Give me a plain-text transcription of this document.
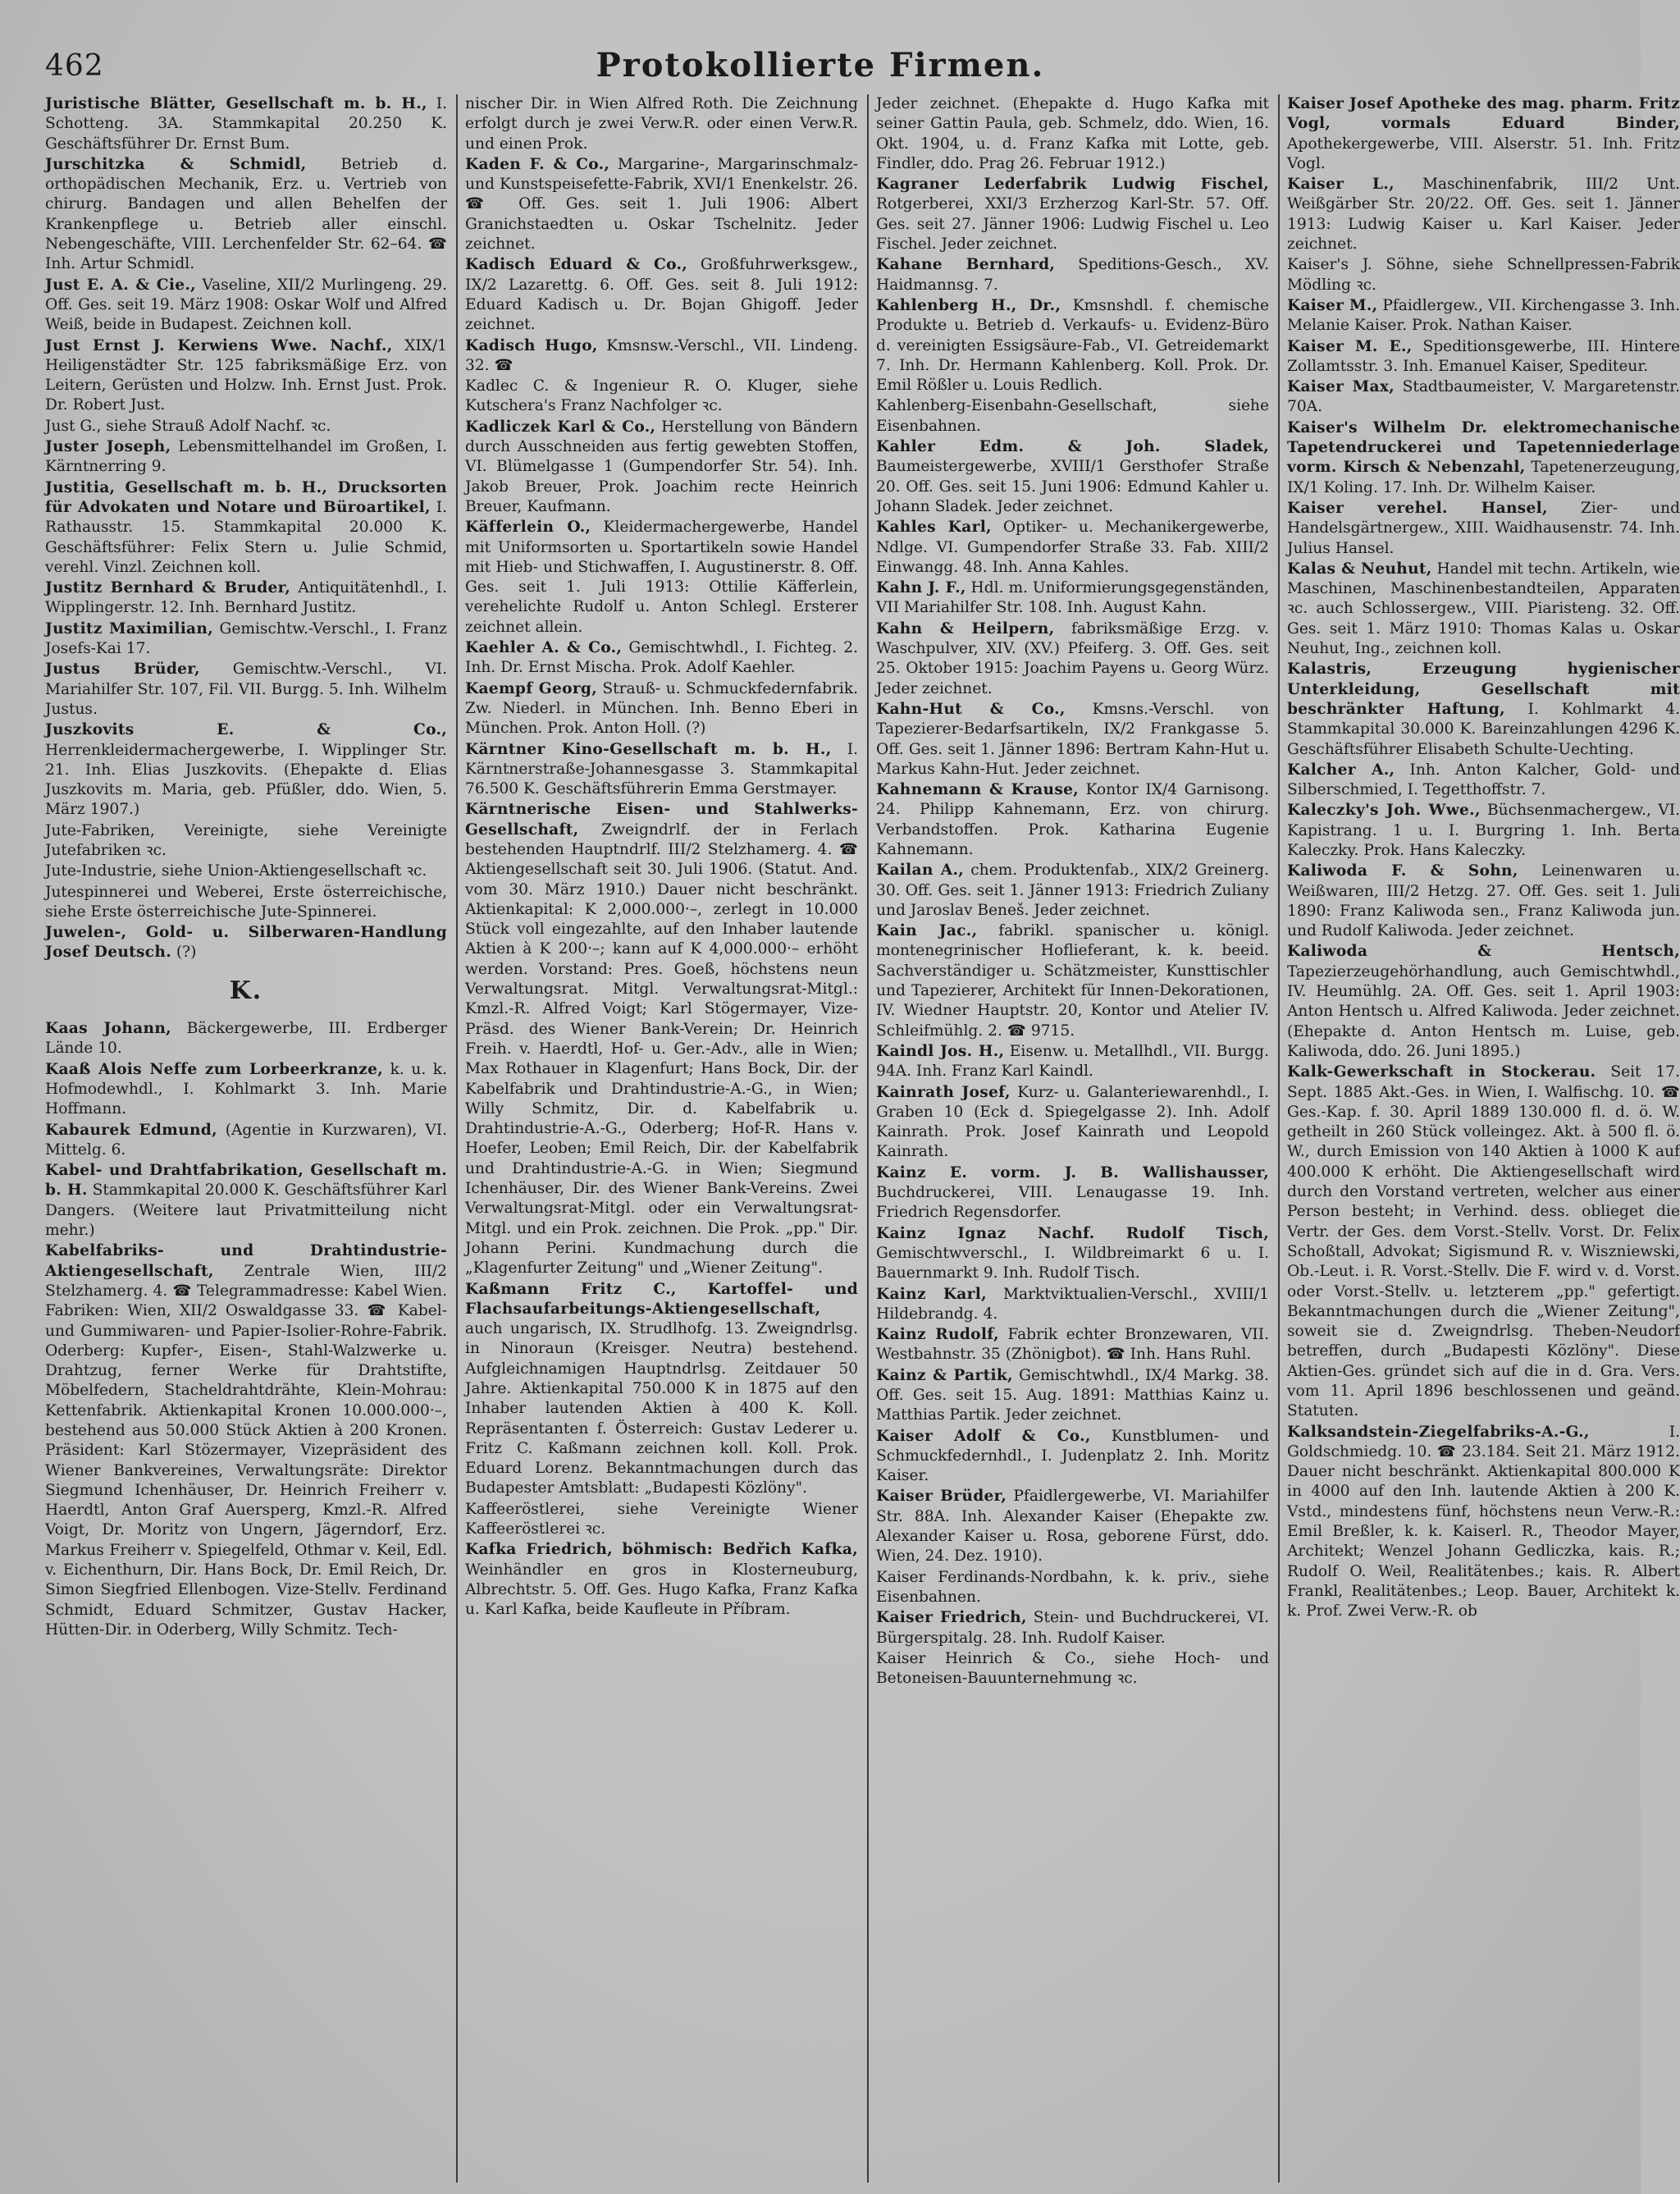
462	Protokollierte Firmen.
Juristische Blätter, Gesellschaft m. b. H., I. Schotteng. 3A. Stammkapital 20.250 K. Geschäftsführer Dr. Ernst Bum.
Jurschitzka & Schmidl, Betrieb d. orthopädischen Mechanik, Erz. u. Vertrieb von chirurg. Bandagen und allen Behelfen der Krankenpflege u. Betrieb aller einschl. Nebengeschäfte, VIII. Lerchenfelder Str. 62–64. ☎ Inh. Artur Schmidl.
Just E. A. & Cie., Vaseline, XII/2 Murlingeng. 29. Off. Ges. seit 19. März 1908: Oskar Wolf und Alfred Weiß, beide in Budapest. Zeichnen koll.
Just Ernst J. Kerwiens Wwe. Nachf., XIX/1 Heiligenstädter Str. 125 fabriksmäßige Erz. von Leitern, Gerüsten und Holzw. Inh. Ernst Just. Prok. Dr. Robert Just.
Just G., siehe Strauß Adolf Nachf. ꝛc.
Juster Joseph, Lebensmittelhandel im Großen, I. Kärntnerring 9.
Justitia, Gesellschaft m. b. H., Drucksorten für Advokaten und Notare und Büroartikel, I. Rathausstr. 15. Stammkapital 20.000 K. Geschäftsführer: Felix Stern u. Julie Schmid, verehl. Vinzl. Zeichnen koll.
Justitz Bernhard & Bruder, Antiquitätenhdl., I. Wipplingerstr. 12. Inh. Bernhard Justitz.
Justitz Maximilian, Gemischtw.-Verschl., I. Franz Josefs-Kai 17.
Justus Brüder, Gemischtw.-Verschl., VI. Mariahilfer Str. 107, Fil. VII. Burgg. 5. Inh. Wilhelm Justus.
Juszkovits E. & Co., Herrenkleidermachergewerbe, I. Wipplinger Str. 21. Inh. Elias Juszkovits. (Ehepakte d. Elias Juszkovits m. Maria, geb. Pfüßler, ddo. Wien, 5. März 1907.)
Jute-Fabriken, Vereinigte, siehe Vereinigte Jutefabriken ꝛc.
Jute-Industrie, siehe Union-Aktiengesellschaft ꝛc.
Jutespinnerei und Weberei, Erste österreichische, siehe Erste österreichische Jute-Spinnerei.
Juwelen-, Gold- u. Silberwaren-Handlung Josef Deutsch. (?)
K.
Kaas Johann, Bäckergewerbe, III. Erdberger Lände 10.
Kaaß Alois Neffe zum Lorbeerkranze, k. u. k. Hofmodewhdl., I. Kohlmarkt 3. Inh. Marie Hoffmann.
Kabaurek Edmund, (Agentie in Kurzwaren), VI. Mittelg. 6.
Kabel- und Drahtfabrikation, Gesellschaft m. b. H. Stammkapital 20.000 K. Geschäftsführer Karl Dangers. (Weitere laut Privatmitteilung nicht mehr.)
Kabelfabriks- und Drahtindustrie-Aktiengesellschaft, Zentrale Wien, III/2 Stelzhamerg. 4. ☎ Telegrammadresse: Kabel Wien. Fabriken: Wien, XII/2 Oswaldgasse 33. ☎ Kabel- und Gummiwaren- und Papier-Isolier-Rohre-Fabrik. Oderberg: Kupfer-, Eisen-, Stahl-Walzwerke u. Drahtzug, ferner Werke für Drahtstifte, Möbelfedern, Stacheldrahtdrähte, Klein-Mohrau: Kettenfabrik. Aktienkapital Kronen 10.000.000·–, bestehend aus 50.000 Stück Aktien à 200 Kronen. Präsident: Karl Stözermayer, Vizepräsident des Wiener Bankvereines, Verwaltungsräte: Direktor Siegmund Ichenhäuser, Dr. Heinrich Freiherr v. Haerdtl, Anton Graf Auersperg, Kmzl.-R. Alfred Voigt, Dr. Moritz von Ungern, Jägerndorf, Erz. Markus Freiherr v. Spiegelfeld, Othmar v. Keil, Edl. v. Eichenthurn, Dir. Hans Bock, Dr. Emil Reich, Dr. Simon Siegfried Ellenbogen. Vize-Stellv. Ferdinand Schmidt, Eduard Schmitzer, Gustav Hacker, Hütten-Dir. in Oderberg, Willy Schmitz. Tech-
nischer Dir. in Wien Alfred Roth. Die Zeichnung erfolgt durch je zwei Verw.R. oder einen Verw.R. und einen Prok.
Kaden F. & Co., Margarine-, Margarinschmalz- und Kunstspeisefette-Fabrik, XVI/1 Enenkelstr. 26. ☎ Off. Ges. seit 1. Juli 1906: Albert Granichstaedten u. Oskar Tschelnitz. Jeder zeichnet.
Kadisch Eduard & Co., Großfuhrwerksgew., IX/2 Lazarettg. 6. Off. Ges. seit 8. Juli 1912: Eduard Kadisch u. Dr. Bojan Ghigoff. Jeder zeichnet.
Kadisch Hugo, Kmsnsw.-Verschl., VII. Lindeng. 32. ☎
Kadlec C. & Ingenieur R. O. Kluger, siehe Kutschera's Franz Nachfolger ꝛc.
Kadliczek Karl & Co., Herstellung von Bändern durch Ausschneiden aus fertig gewebten Stoffen, VI. Blümelgasse 1 (Gumpendorfer Str. 54). Inh. Jakob Breuer, Prok. Joachim recte Heinrich Breuer, Kaufmann.
Käfferlein O., Kleidermachergewerbe, Handel mit Uniformsorten u. Sportartikeln sowie Handel mit Hieb- und Stichwaffen, I. Augustinerstr. 8. Off. Ges. seit 1. Juli 1913: Ottilie Käfferlein, verehelichte Rudolf u. Anton Schlegl. Ersterer zeichnet allein.
Kaehler A. & Co., Gemischtwhdl., I. Fichteg. 2. Inh. Dr. Ernst Mischa. Prok. Adolf Kaehler.
Kaempf Georg, Strauß- u. Schmuckfedernfabrik. Zw. Niederl. in München. Inh. Benno Eberi in München. Prok. Anton Holl. (?)
Kärntner Kino-Gesellschaft m. b. H., I. Kärntnerstraße-Johannesgasse 3. Stammkapital 76.500 K. Geschäftsführerin Emma Gerstmayer.
Kärntnerische Eisen- und Stahlwerks-Gesellschaft, Zweigndrlf. der in Ferlach bestehenden Hauptndrlf. III/2 Stelzhamerg. 4. ☎ Aktiengesellschaft seit 30. Juli 1906. (Statut. And. vom 30. März 1910.) Dauer nicht beschränkt. Aktienkapital: K 2,000.000·–, zerlegt in 10.000 Stück voll eingezahlte, auf den Inhaber lautende Aktien à K 200·–; kann auf K 4,000.000·– erhöht werden. Vorstand: Pres. Goeß, höchstens neun Verwaltungsrat. Mitgl. Verwaltungsrat-Mitgl.: Kmzl.-R. Alfred Voigt; Karl Stögermayer, Vize-Präsd. des Wiener Bank-Verein; Dr. Heinrich Freih. v. Haerdtl, Hof- u. Ger.-Adv., alle in Wien; Max Rothauer in Klagenfurt; Hans Bock, Dir. der Kabelfabrik und Drahtindustrie-A.-G., in Wien; Willy Schmitz, Dir. d. Kabelfabrik u. Drahtindustrie-A.-G., Oderberg; Hof-R. Hans v. Hoefer, Leoben; Emil Reich, Dir. der Kabelfabrik und Drahtindustrie-A.-G. in Wien; Siegmund Ichenhäuser, Dir. des Wiener Bank-Vereins. Zwei Verwaltungsrat-Mitgl. oder ein Verwaltungsrat-Mitgl. und ein Prok. zeichnen. Die Prok. „pp." Dir. Johann Perini. Kundmachung durch die „Klagenfurter Zeitung" und „Wiener Zeitung".
Kaßmann Fritz C., Kartoffel- und Flachsaufarbeitungs-Aktiengesellschaft, auch ungarisch, IX. Strudlhofg. 13. Zweigndrlsg. in Ninoraun (Kreisger. Neutra) bestehend. Aufgleichnamigen Hauptndrlsg. Zeitdauer 50 Jahre. Aktienkapital 750.000 K in 1875 auf den Inhaber lautenden Aktien à 400 K. Koll. Repräsentanten f. Österreich: Gustav Lederer u. Fritz C. Kaßmann zeichnen koll. Koll. Prok. Eduard Lorenz. Bekanntmachungen durch das Budapester Amtsblatt: „Budapesti Közlöny".
Kaffeeröstlerei, siehe Vereinigte Wiener Kaffeeröstlerei ꝛc.
Kafka Friedrich, böhmisch: Bedřich Kafka, Weinhändler en gros in Klosterneuburg, Albrechtstr. 5. Off. Ges. Hugo Kafka, Franz Kafka u. Karl Kafka, beide Kaufleute in Příbram.
Jeder zeichnet. (Ehepakte d. Hugo Kafka mit seiner Gattin Paula, geb. Schmelz, ddo. Wien, 16. Okt. 1904, u. d. Franz Kafka mit Lotte, geb. Findler, ddo. Prag 26. Februar 1912.)
Kagraner Lederfabrik Ludwig Fischel, Rotgerberei, XXI/3 Erzherzog Karl-Str. 57. Off. Ges. seit 27. Jänner 1906: Ludwig Fischel u. Leo Fischel. Jeder zeichnet.
Kahane Bernhard, Speditions-Gesch., XV. Haidmannsg. 7.
Kahlenberg H., Dr., Kmsnshdl. f. chemische Produkte u. Betrieb d. Verkaufs- u. Evidenz-Büro d. vereinigten Essigsäure-Fab., VI. Getreidemarkt 7. Inh. Dr. Hermann Kahlenberg. Koll. Prok. Dr. Emil Rößler u. Louis Redlich.
Kahlenberg-Eisenbahn-Gesellschaft, siehe Eisenbahnen.
Kahler Edm. & Joh. Sladek, Baumeistergewerbe, XVIII/1 Gersthofer Straße 20. Off. Ges. seit 15. Juni 1906: Edmund Kahler u. Johann Sladek. Jeder zeichnet.
Kahles Karl, Optiker- u. Mechanikergewerbe, Ndlge. VI. Gumpendorfer Straße 33. Fab. XIII/2 Einwangg. 48. Inh. Anna Kahles.
Kahn J. F., Hdl. m. Uniformierungsgegenständen, VII Mariahilfer Str. 108. Inh. August Kahn.
Kahn & Heilpern, fabriksmäßige Erzg. v. Waschpulver, XIV. (XV.) Pfeiferg. 3. Off. Ges. seit 25. Oktober 1915: Joachim Payens u. Georg Würz. Jeder zeichnet.
Kahn-Hut & Co., Kmsns.-Verschl. von Tapezierer-Bedarfsartikeln, IX/2 Frankgasse 5. Off. Ges. seit 1. Jänner 1896: Bertram Kahn-Hut u. Markus Kahn-Hut. Jeder zeichnet.
Kahnemann & Krause, Kontor IX/4 Garnisong. 24. Philipp Kahnemann, Erz. von chirurg. Verbandstoffen. Prok. Katharina Eugenie Kahnemann.
Kailan A., chem. Produktenfab., XIX/2 Greinerg. 30. Off. Ges. seit 1. Jänner 1913: Friedrich Zuliany und Jaroslav Beneš. Jeder zeichnet.
Kain Jac., fabrikl. spanischer u. königl. montenegrinischer Hoflieferant, k. k. beeid. Sachverständiger u. Schätzmeister, Kunsttischler und Tapezierer, Architekt für Innen-Dekorationen, IV. Wiedner Hauptstr. 20, Kontor und Atelier IV. Schleifmühlg. 2. ☎ 9715.
Kaindl Jos. H., Eisenw. u. Metallhdl., VII. Burgg. 94A. Inh. Franz Karl Kaindl.
Kainrath Josef, Kurz- u. Galanteriewarenhdl., I. Graben 10 (Eck d. Spiegelgasse 2). Inh. Adolf Kainrath. Prok. Josef Kainrath und Leopold Kainrath.
Kainz E. vorm. J. B. Wallishausser, Buchdruckerei, VIII. Lenaugasse 19. Inh. Friedrich Regensdorfer.
Kainz Ignaz Nachf. Rudolf Tisch, Gemischtwverschl., I. Wildbreimarkt 6 u. I. Bauernmarkt 9. Inh. Rudolf Tisch.
Kainz Karl, Marktviktualien-Verschl., XVIII/1 Hildebrandg. 4.
Kainz Rudolf, Fabrik echter Bronzewaren, VII. Westbahnstr. 35 (Zhönigbot). ☎ Inh. Hans Ruhl.
Kainz & Partik, Gemischtwhdl., IX/4 Markg. 38. Off. Ges. seit 15. Aug. 1891: Matthias Kainz u. Matthias Partik. Jeder zeichnet.
Kaiser Adolf & Co., Kunstblumen- und Schmuckfedernhdl., I. Judenplatz 2. Inh. Moritz Kaiser.
Kaiser Brüder, Pfaidlergewerbe, VI. Mariahilfer Str. 88A. Inh. Alexander Kaiser (Ehepakte zw. Alexander Kaiser u. Rosa, geborene Fürst, ddo. Wien, 24. Dez. 1910).
Kaiser Ferdinands-Nordbahn, k. k. priv., siehe Eisenbahnen.
Kaiser Friedrich, Stein- und Buchdruckerei, VI. Bürgerspitalg. 28. Inh. Rudolf Kaiser.
Kaiser Heinrich & Co., siehe Hoch- und Betoneisen-Bauunternehmung ꝛc.
Kaiser Josef Apotheke des mag. pharm. Fritz Vogl, vormals Eduard Binder, Apothekergewerbe, VIII. Alserstr. 51. Inh. Fritz Vogl.
Kaiser L., Maschinenfabrik, III/2 Unt. Weißgärber Str. 20/22. Off. Ges. seit 1. Jänner 1913: Ludwig Kaiser u. Karl Kaiser. Jeder zeichnet.
Kaiser's J. Söhne, siehe Schnellpressen-Fabrik Mödling ꝛc.
Kaiser M., Pfaidlergew., VII. Kirchengasse 3. Inh. Melanie Kaiser. Prok. Nathan Kaiser.
Kaiser M. E., Speditionsgewerbe, III. Hintere Zollamtsstr. 3. Inh. Emanuel Kaiser, Spediteur.
Kaiser Max, Stadtbaumeister, V. Margaretenstr. 70A.
Kaiser's Wilhelm Dr. elektromechanische Tapetendruckerei und Tapetenniederlage vorm. Kirsch & Nebenzahl, Tapetenerzeugung, IX/1 Koling. 17. Inh. Dr. Wilhelm Kaiser.
Kaiser verehel. Hansel, Zier- und Handelsgärtnergew., XIII. Waidhausenstr. 74. Inh. Julius Hansel.
Kalas & Neuhut, Handel mit techn. Artikeln, wie Maschinen, Maschinenbestandteilen, Apparaten ꝛc. auch Schlossergew., VIII. Piaristeng. 32. Off. Ges. seit 1. März 1910: Thomas Kalas u. Oskar Neuhut, Ing., zeichnen koll.
Kalastris, Erzeugung hygienischer Unterkleidung, Gesellschaft mit beschränkter Haftung, I. Kohlmarkt 4. Stammkapital 30.000 K. Bareinzahlungen 4296 K. Geschäftsführer Elisabeth Schulte-Uechting.
Kalcher A., Inh. Anton Kalcher, Gold- und Silberschmied, I. Tegetthoffstr. 7.
Kaleczky's Joh. Wwe., Büchsenmachergew., VI. Kapistrang. 1 u. I. Burgring 1. Inh. Berta Kaleczky. Prok. Hans Kaleczky.
Kaliwoda F. & Sohn, Leinenwaren u. Weißwaren, III/2 Hetzg. 27. Off. Ges. seit 1. Juli 1890: Franz Kaliwoda sen., Franz Kaliwoda jun. und Rudolf Kaliwoda. Jeder zeichnet.
Kaliwoda & Hentsch, Tapezierzeugehörhandlung, auch Gemischtwhdl., IV. Heumühlg. 2A. Off. Ges. seit 1. April 1903: Anton Hentsch u. Alfred Kaliwoda. Jeder zeichnet. (Ehepakte d. Anton Hentsch m. Luise, geb. Kaliwoda, ddo. 26. Juni 1895.)
Kalk-Gewerkschaft in Stockerau. Seit 17. Sept. 1885 Akt.-Ges. in Wien, I. Walfischg. 10. ☎ Ges.-Kap. f. 30. April 1889 130.000 fl. d. ö. W. getheilt in 260 Stück volleingez. Akt. à 500 fl. ö. W., durch Emission von 140 Aktien à 1000 K auf 400.000 K erhöht. Die Aktiengesellschaft wird durch den Vorstand vertreten, welcher aus einer Person besteht; in Verhind. dess. oblieget die Vertr. der Ges. dem Vorst.-Stellv. Vorst. Dr. Felix Schoßtall, Advokat; Sigismund R. v. Wiszniewski, Ob.-Leut. i. R. Vorst.-Stellv. Die F. wird v. d. Vorst. oder Vorst.-Stellv. u. letzterem „pp." gefertigt. Bekanntmachungen durch die „Wiener Zeitung", soweit sie d. Zweigndrlsg. Theben-Neudorf betreffen, durch „Budapesti Közlöny". Diese Aktien-Ges. gründet sich auf die in d. Gra. Vers. vom 11. April 1896 beschlossenen und geänd. Statuten.
Kalksandstein-Ziegelfabriks-A.-G., I. Goldschmiedg. 10. ☎ 23.184. Seit 21. März 1912. Dauer nicht beschränkt. Aktienkapital 800.000 K in 4000 auf den Inh. lautende Aktien à 200 K. Vstd., mindestens fünf, höchstens neun Verw.-R.: Emil Breßler, k. k. Kaiserl. R., Theodor Mayer, Architekt; Wenzel Johann Gedliczka, kais. R.; Rudolf O. Weil, Realitätenbes.; kais. R. Albert Frankl, Realitätenbes.; Leop. Bauer, Architekt k. k. Prof. Zwei Verw.-R. ob
